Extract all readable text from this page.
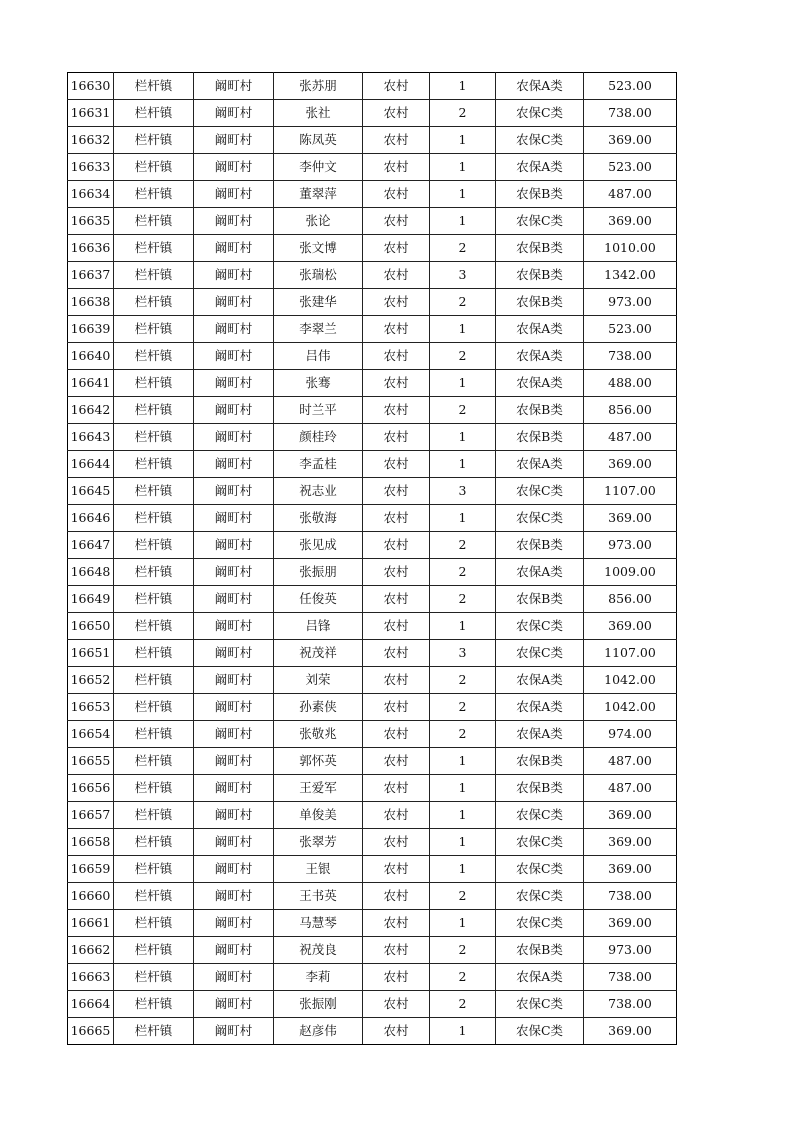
16630	栏杆镇	阚町村	张苏朋	农村	1	农保A类	523.00
16631	栏杆镇	阚町村	张社	农村	2	农保C类	738.00
16632	栏杆镇	阚町村	陈凤英	农村	1	农保C类	369.00
16633	栏杆镇	阚町村	李仲文	农村	1	农保A类	523.00
16634	栏杆镇	阚町村	董翠萍	农村	1	农保B类	487.00
16635	栏杆镇	阚町村	张论	农村	1	农保C类	369.00
16636	栏杆镇	阚町村	张文博	农村	2	农保B类	1010.00
16637	栏杆镇	阚町村	张瑞松	农村	3	农保B类	1342.00
16638	栏杆镇	阚町村	张建华	农村	2	农保B类	973.00
16639	栏杆镇	阚町村	李翠兰	农村	1	农保A类	523.00
16640	栏杆镇	阚町村	吕伟	农村	2	农保A类	738.00
16641	栏杆镇	阚町村	张骞	农村	1	农保A类	488.00
16642	栏杆镇	阚町村	时兰平	农村	2	农保B类	856.00
16643	栏杆镇	阚町村	颜桂玲	农村	1	农保B类	487.00
16644	栏杆镇	阚町村	李孟桂	农村	1	农保A类	369.00
16645	栏杆镇	阚町村	祝志业	农村	3	农保C类	1107.00
16646	栏杆镇	阚町村	张敬海	农村	1	农保C类	369.00
16647	栏杆镇	阚町村	张见成	农村	2	农保B类	973.00
16648	栏杆镇	阚町村	张振朋	农村	2	农保A类	1009.00
16649	栏杆镇	阚町村	任俊英	农村	2	农保B类	856.00
16650	栏杆镇	阚町村	吕锋	农村	1	农保C类	369.00
16651	栏杆镇	阚町村	祝茂祥	农村	3	农保C类	1107.00
16652	栏杆镇	阚町村	刘荣	农村	2	农保A类	1042.00
16653	栏杆镇	阚町村	孙素侠	农村	2	农保A类	1042.00
16654	栏杆镇	阚町村	张敬兆	农村	2	农保A类	974.00
16655	栏杆镇	阚町村	郭怀英	农村	1	农保B类	487.00
16656	栏杆镇	阚町村	王爱军	农村	1	农保B类	487.00
16657	栏杆镇	阚町村	单俊美	农村	1	农保C类	369.00
16658	栏杆镇	阚町村	张翠芳	农村	1	农保C类	369.00
16659	栏杆镇	阚町村	王银	农村	1	农保C类	369.00
16660	栏杆镇	阚町村	王书英	农村	2	农保C类	738.00
16661	栏杆镇	阚町村	马慧琴	农村	1	农保C类	369.00
16662	栏杆镇	阚町村	祝茂良	农村	2	农保B类	973.00
16663	栏杆镇	阚町村	李莉	农村	2	农保A类	738.00
16664	栏杆镇	阚町村	张振刚	农村	2	农保C类	738.00
16665	栏杆镇	阚町村	赵彦伟	农村	1	农保C类	369.00
